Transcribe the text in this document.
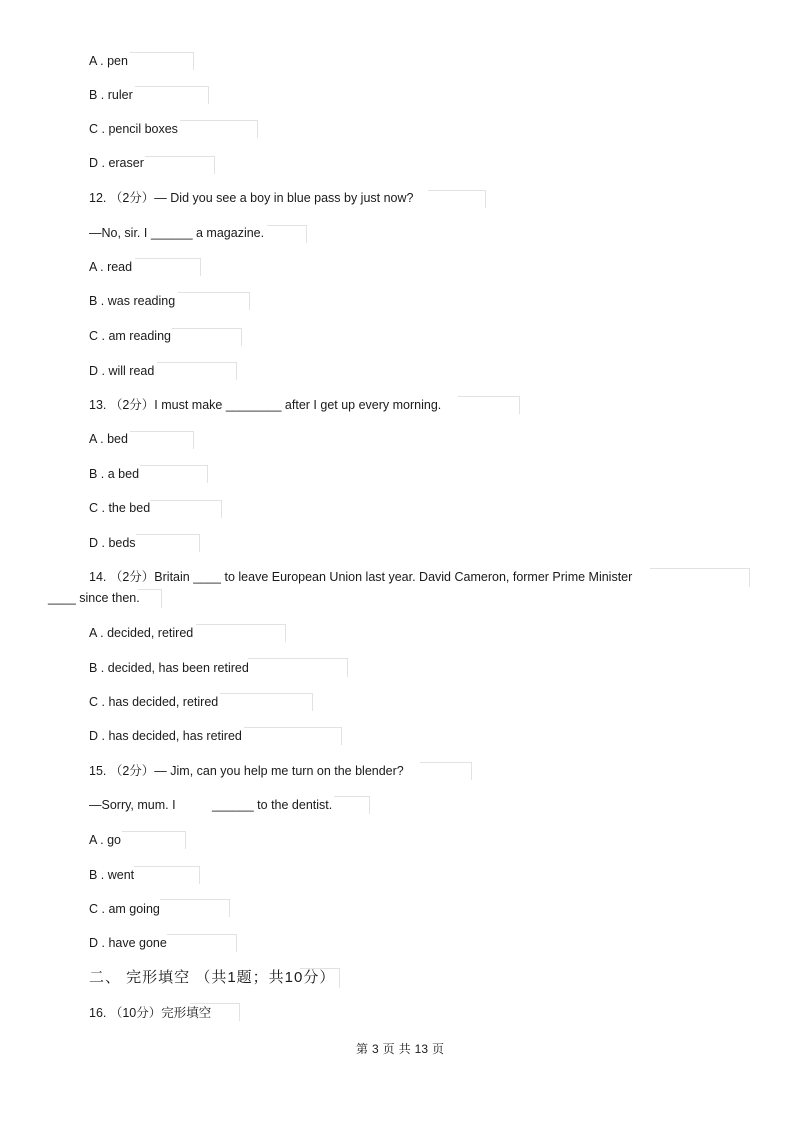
A . pen
B . ruler
C . pencil boxes
D . eraser
12. （2分）— Did you see a boy in blue pass by just now?
—No, sir. I ______ a magazine.
A . read
B . was reading
C . am reading
D . will read
13. （2分）I must make ________ after I get up every morning.
A . bed
B . a bed
C . the bed
D . beds
14. （2分）Britain ____ to leave European Union last year. David Cameron, former Prime Minister
____ since then.
A . decided, retired
B . decided, has been retired
C . has decided, retired
D . has decided, has retired
15. （2分）— Jim, can you help me turn on the blender?
—Sorry, mum. I	______ to the dentist.
A . go
B . went
C . am going
D . have gone
二、 完形填空 （共1题；共10分）
16. （10分）完形填空
第 3 页 共 13 页
